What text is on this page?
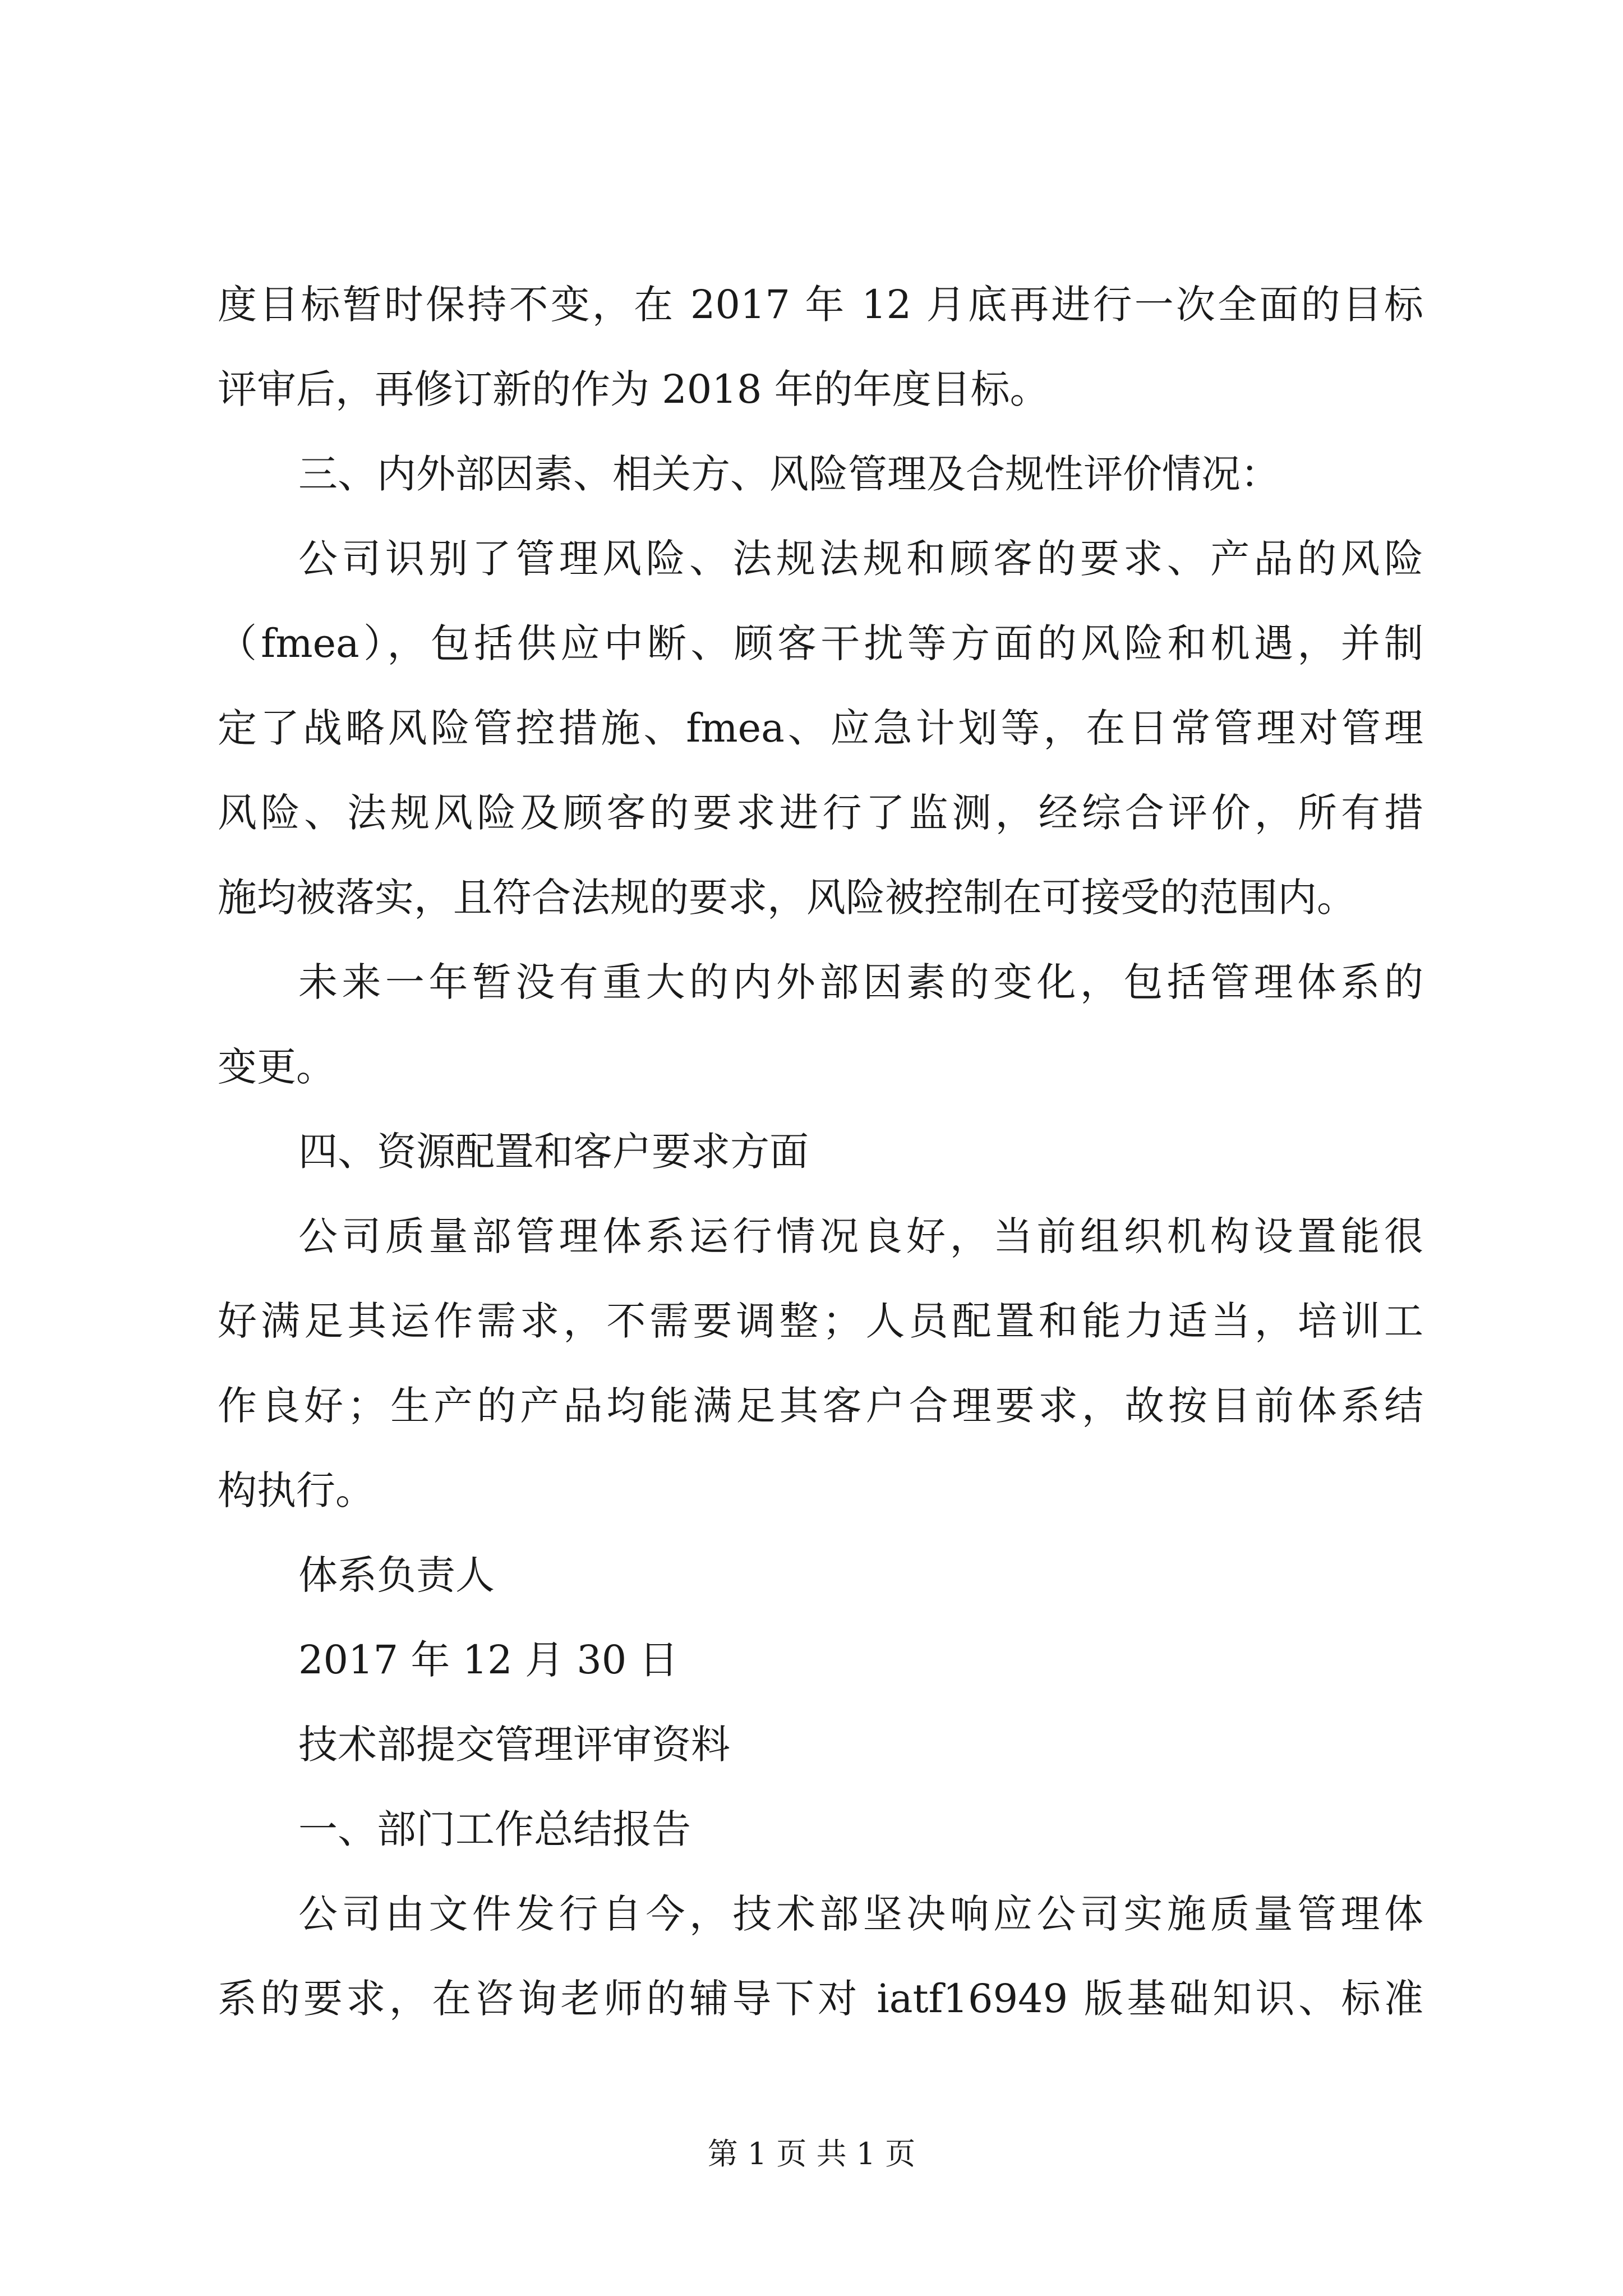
度目标暂时保持不变，在 2017 年 12 月底再进行一次全面的目标
评审后，再修订新的作为 2018 年的年度目标。
三、内外部因素、相关方、风险管理及合规性评价情况：
公司识别了管理风险、法规法规和顾客的要求、产品的风险
（fmea），包括供应中断、顾客干扰等方面的风险和机遇，并制
定了战略风险管控措施、fmea、应急计划等，在日常管理对管理
风险、法规风险及顾客的要求进行了监测，经综合评价，所有措
施均被落实，且符合法规的要求，风险被控制在可接受的范围内。
未来一年暂没有重大的内外部因素的变化，包括管理体系的
变更。
四、资源配置和客户要求方面
公司质量部管理体系运行情况良好，当前组织机构设置能很
好满足其运作需求，不需要调整；人员配置和能力适当，培训工
作良好；生产的产品均能满足其客户合理要求，故按目前体系结
构执行。
体系负责人
2017 年 12 月 30 日
技术部提交管理评审资料
一、部门工作总结报告
公司由文件发行自今，技术部坚决响应公司实施质量管理体
系的要求，在咨询老师的辅导下对 iatf16949 版基础知识、标准
第 1 页 共 1 页
